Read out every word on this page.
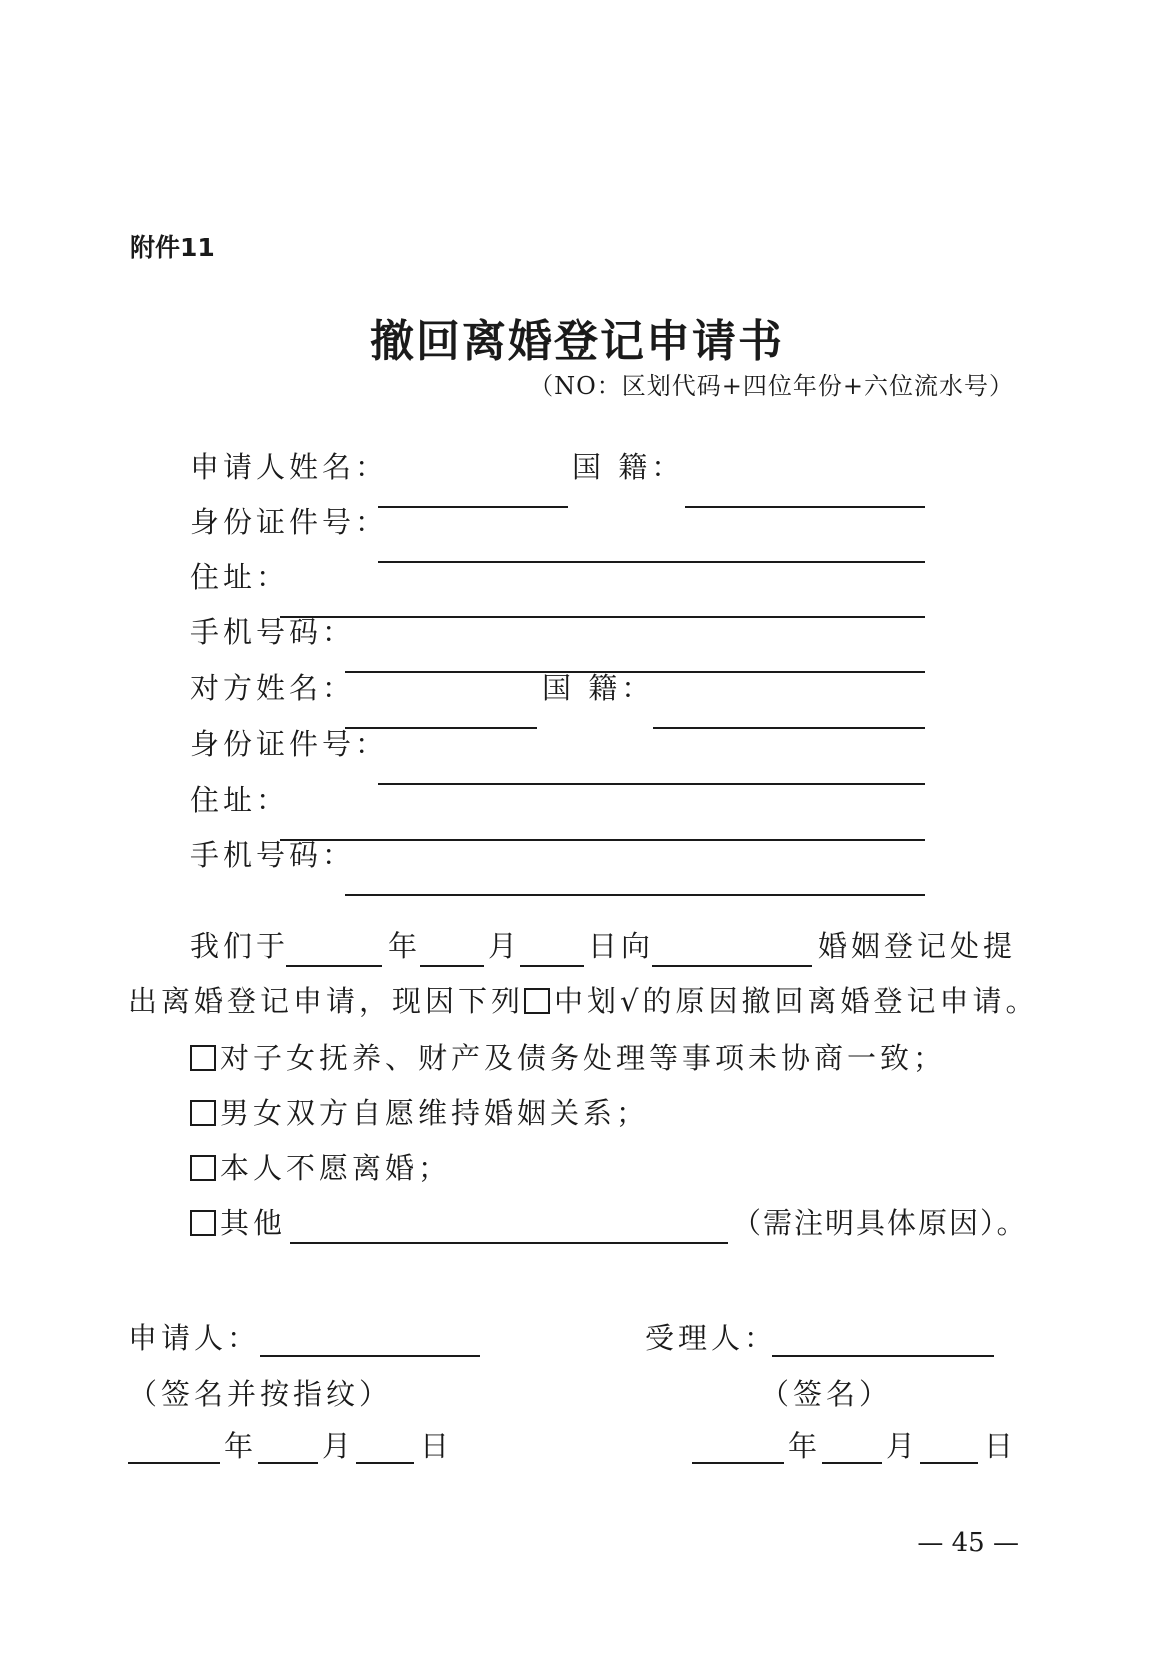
附件11
撤回离婚登记申请书
（NO：区划代码+四位年份+六位流水号）
申请人姓名：	国 籍：
身份证件号：
住址：
手机号码：
对方姓名：	国 籍：
身份证件号：
住址：
手机号码：
我们于	年 月 日向	婚姻登记处提
出离婚登记申请，现因下列 中划√的原因撤回离婚登记申请。
对子女抚养、财产及债务处理等事项未协商一致；
男女双方自愿维持婚姻关系；
本人不愿离婚；
其他	（需注明具体原因）。
申请人：
（签名并按指纹）
年 月 日
受理人：
（签名）
年 月 日
— 45 —
